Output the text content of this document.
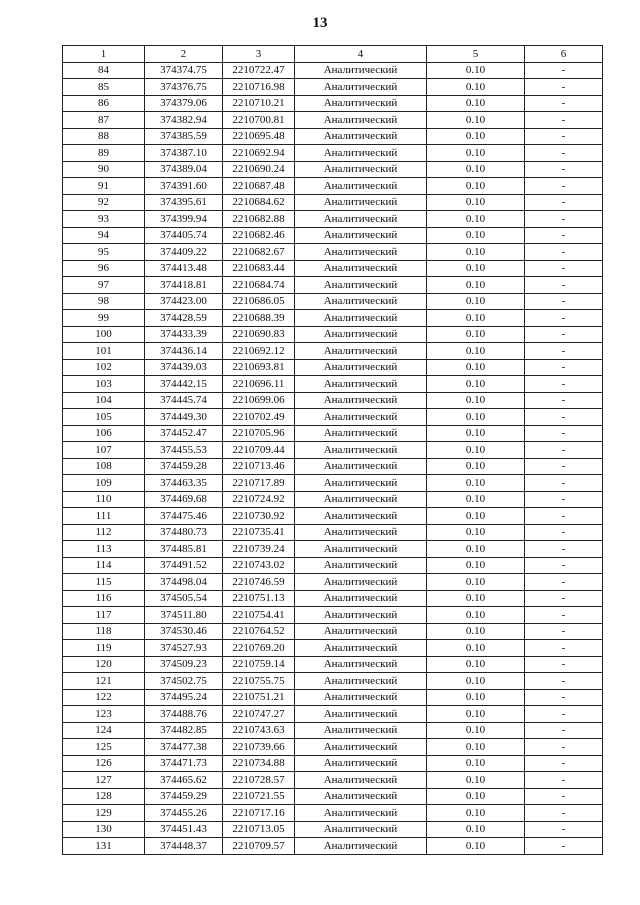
13
1	2	3	4	5	6
84	374374.75	2210722.47	Аналитический	0.10	-
85	374376.75	2210716.98	Аналитический	0.10	-
86	374379.06	2210710.21	Аналитический	0.10	-
87	374382.94	2210700.81	Аналитический	0.10	-
88	374385.59	2210695.48	Аналитический	0.10	-
89	374387.10	2210692.94	Аналитический	0.10	-
90	374389.04	2210690.24	Аналитический	0.10	-
91	374391.60	2210687.48	Аналитический	0.10	-
92	374395.61	2210684.62	Аналитический	0.10	-
93	374399.94	2210682.88	Аналитический	0.10	-
94	374405.74	2210682.46	Аналитический	0.10	-
95	374409.22	2210682.67	Аналитический	0.10	-
96	374413.48	2210683.44	Аналитический	0.10	-
97	374418.81	2210684.74	Аналитический	0.10	-
98	374423.00	2210686.05	Аналитический	0.10	-
99	374428.59	2210688.39	Аналитический	0.10	-
100	374433.39	2210690.83	Аналитический	0.10	-
101	374436.14	2210692.12	Аналитический	0.10	-
102	374439.03	2210693.81	Аналитический	0.10	-
103	374442.15	2210696.11	Аналитический	0.10	-
104	374445.74	2210699.06	Аналитический	0.10	-
105	374449.30	2210702.49	Аналитический	0.10	-
106	374452.47	2210705.96	Аналитический	0.10	-
107	374455.53	2210709.44	Аналитический	0.10	-
108	374459.28	2210713.46	Аналитический	0.10	-
109	374463.35	2210717.89	Аналитический	0.10	-
110	374469.68	2210724.92	Аналитический	0.10	-
111	374475.46	2210730.92	Аналитический	0.10	-
112	374480.73	2210735.41	Аналитический	0.10	-
113	374485.81	2210739.24	Аналитический	0.10	-
114	374491.52	2210743.02	Аналитический	0.10	-
115	374498.04	2210746.59	Аналитический	0.10	-
116	374505.54	2210751.13	Аналитический	0.10	-
117	374511.80	2210754.41	Аналитический	0.10	-
118	374530.46	2210764.52	Аналитический	0.10	-
119	374527.93	2210769.20	Аналитический	0.10	-
120	374509.23	2210759.14	Аналитический	0.10	-
121	374502.75	2210755.75	Аналитический	0.10	-
122	374495.24	2210751.21	Аналитический	0.10	-
123	374488.76	2210747.27	Аналитический	0.10	-
124	374482.85	2210743.63	Аналитический	0.10	-
125	374477.38	2210739.66	Аналитический	0.10	-
126	374471.73	2210734.88	Аналитический	0.10	-
127	374465.62	2210728.57	Аналитический	0.10	-
128	374459.29	2210721.55	Аналитический	0.10	-
129	374455.26	2210717.16	Аналитический	0.10	-
130	374451.43	2210713.05	Аналитический	0.10	-
131	374448.37	2210709.57	Аналитический	0.10	-
